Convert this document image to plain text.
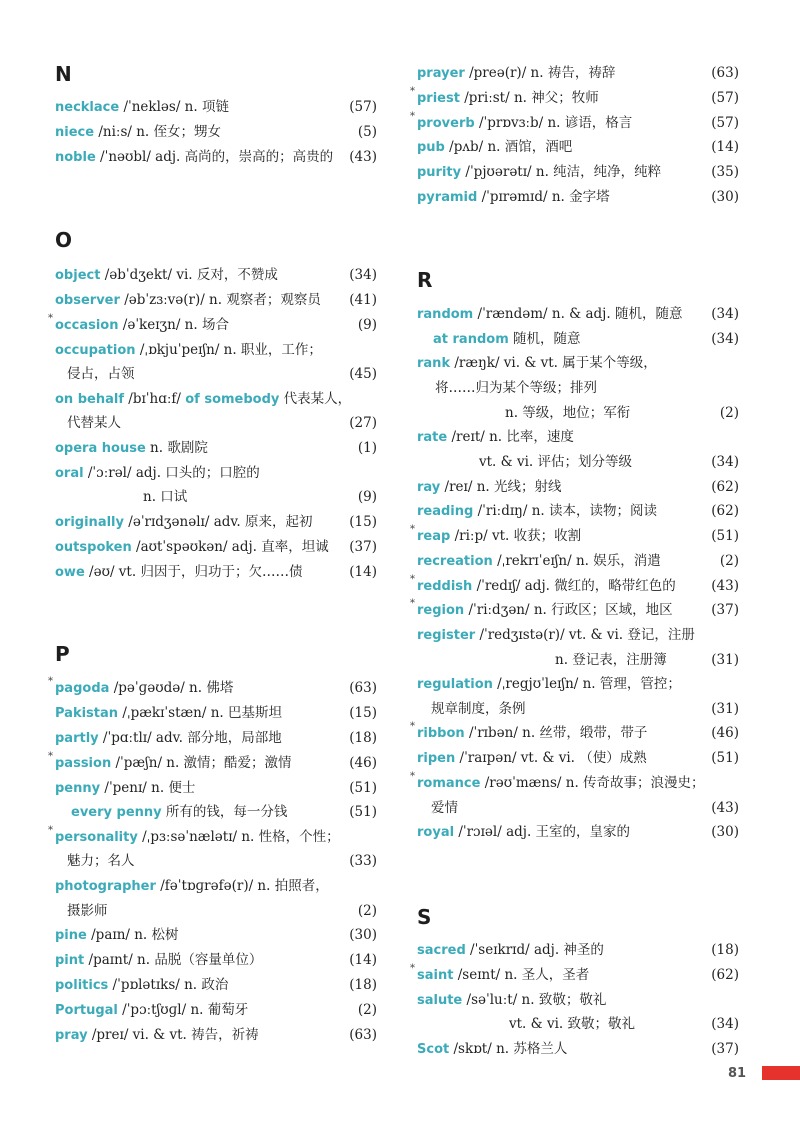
N
necklace /ˈnekləs/ n. 项链	(57)
niece /niːs/ n. 侄女；甥女	(5)
noble /ˈnəʊbl/ adj. 高尚的，崇高的；高贵的 (43)
O
object /əbˈdʒekt/ vi. 反对，不赞成	(34)
observer /əbˈzɜːvə(r)/ n. 观察者；观察员 (41)
* occasion /əˈkeɪʒn/ n. 场合	(9)
occupation /ˌɒkjuˈpeɪʃn/ n. 职业，工作；
侵占，占领	(45)
on behalf /bɪˈhɑːf/ of somebody 代表某人，
代替某人	(27)
opera house n. 歌剧院	(1)
oral /ˈɔːrəl/ adj. 口头的；口腔的
n. 口试	(9)
originally /əˈrɪdʒənəlɪ/ adv. 原来，起初	(15)
outspoken /aʊtˈspəʊkən/ adj. 直率，坦诚 (37)
owe /əʊ/ vt. 归因于，归功于；欠……债	(14)
P
* pagoda /pəˈɡəʊdə/ n. 佛塔	(63)
Pakistan /ˌpækɪˈstæn/ n. 巴基斯坦	(15)
partly /ˈpɑːtlɪ/ adv. 部分地，局部地	(18)
* passion /ˈpæʃn/ n. 激情；酷爱；激情	(46)
penny /ˈpenɪ/ n. 便士	(51)
every penny 所有的钱，每一分钱	(51)
* personality /ˌpɜːsəˈnælətɪ/ n. 性格，个性；
魅力；名人	(33)
photographer /fəˈtɒɡrəfə(r)/ n. 拍照者，
摄影师	(2)
pine /paɪn/ n. 松树	(30)
pint /paɪnt/ n. 品脱（容量单位）	(14)
politics /ˈpɒlətɪks/ n. 政治	(18)
Portugal /ˈpɔːtʃʊɡl/ n. 葡萄牙	(2)
pray /preɪ/ vi. & vt. 祷告，祈祷	(63)
prayer /preə(r)/ n. 祷告，祷辞	(63)
* priest /priːst/ n. 神父；牧师	(57)
* proverb /ˈprɒvɜːb/ n. 谚语，格言	(57)
pub /pʌb/ n. 酒馆，酒吧	(14)
purity /ˈpjʊərətɪ/ n. 纯洁，纯净，纯粹	(35)
pyramid /ˈpɪrəmɪd/ n. 金字塔	(30)
R
random /ˈrændəm/ n. & adj. 随机，随意 (34)
at random 随机，随意	(34)
rank /ræŋk/ vi. & vt. 属于某个等级，
将……归为某个等级；排列
n. 等级，地位；军衔	(2)
rate /reɪt/ n. 比率，速度
vt. & vi. 评估；划分等级	(34)
ray /reɪ/ n. 光线；射线	(62)
reading /ˈriːdɪŋ/ n. 读本，读物；阅读	(62)
* reap /riːp/ vt. 收获；收割	(51)
recreation /ˌrekrɪˈeɪʃn/ n. 娱乐，消遣	(2)
* reddish /ˈredɪʃ/ adj. 微红的，略带红色的	(43)
* region /ˈriːdʒən/ n. 行政区；区域，地区	(37)
register /ˈredʒɪstə(r)/ vt. & vi. 登记，注册
n. 登记表，注册簿	(31)
regulation /ˌregjʊˈleɪʃn/ n. 管理，管控；
规章制度，条例	(31)
* ribbon /ˈrɪbən/ n. 丝带，缎带，带子	(46)
ripen /ˈraɪpən/ vt. & vi. （使）成熟	(51)
* romance /rəʊˈmæns/ n. 传奇故事；浪漫史；
爱情	(43)
royal /ˈrɔɪəl/ adj. 王室的，皇家的	(30)
S
sacred /ˈseɪkrɪd/ adj. 神圣的	(18)
* saint /seɪnt/ n. 圣人，圣者	(62)
salute /səˈluːt/ n. 致敬；敬礼
vt. & vi. 致敬；敬礼	(34)
Scot /skɒt/ n. 苏格兰人	(37)
81
